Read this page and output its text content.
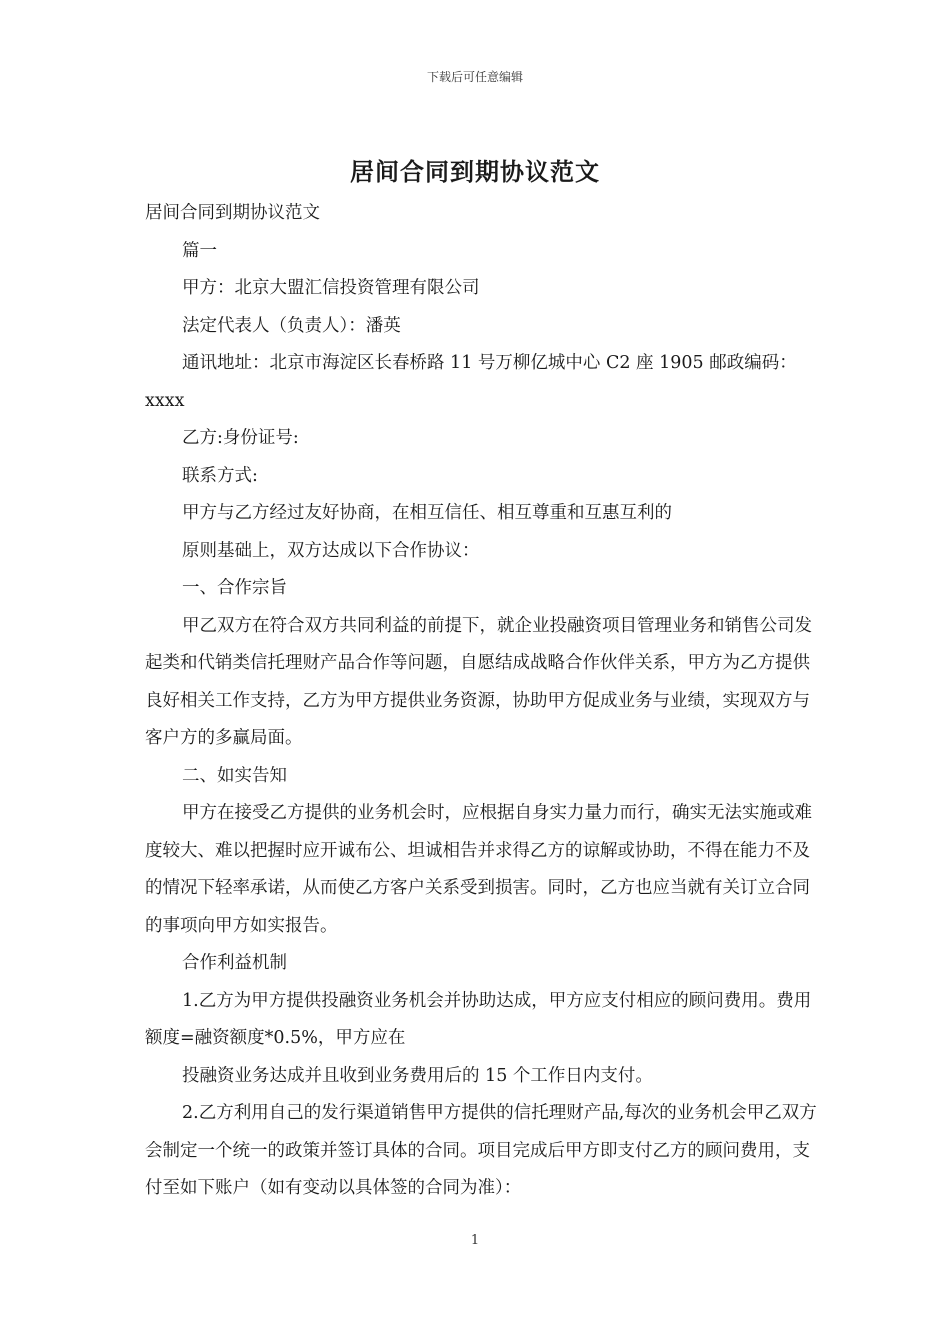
下载后可任意编辑
居间合同到期协议范文

居间合同到期协议范文

篇一

甲方：北京大盟汇信投资管理有限公司

法定代表人（负责人）：潘英

通讯地址：北京市海淀区长春桥路 11 号万柳亿城中心 C2 座 1905 邮政编码：

xxxx

乙方:身份证号:

联系方式:

甲方与乙方经过友好协商，在相互信任、相互尊重和互惠互利的

原则基础上，双方达成以下合作协议：

一、合作宗旨

甲乙双方在符合双方共同利益的前提下，就企业投融资项目管理业务和销售公司发起类和代销类信托理财产品合作等问题，自愿结成战略合作伙伴关系，甲方为乙方提供良好相关工作支持，乙方为甲方提供业务资源，协助甲方促成业务与业绩，实现双方与客户方的多赢局面。

二、如实告知

甲方在接受乙方提供的业务机会时，应根据自身实力量力而行，确实无法实施或难度较大、难以把握时应开诚布公、坦诚相告并求得乙方的谅解或协助，不得在能力不及的情况下轻率承诺，从而使乙方客户关系受到损害。同时，乙方也应当就有关订立合同的事项向甲方如实报告。

合作利益机制

1.乙方为甲方提供投融资业务机会并协助达成，甲方应支付相应的顾问费用。费用额度=融资额度*0.5%，甲方应在

投融资业务达成并且收到业务费用后的 15 个工作日内支付。

2.乙方利用自己的发行渠道销售甲方提供的信托理财产品,每次的业务机会甲乙双方会制定一个统一的政策并签订具体的合同。项目完成后甲方即支付乙方的顾问费用，支付至如下账户（如有变动以具体签的合同为准）：

1
